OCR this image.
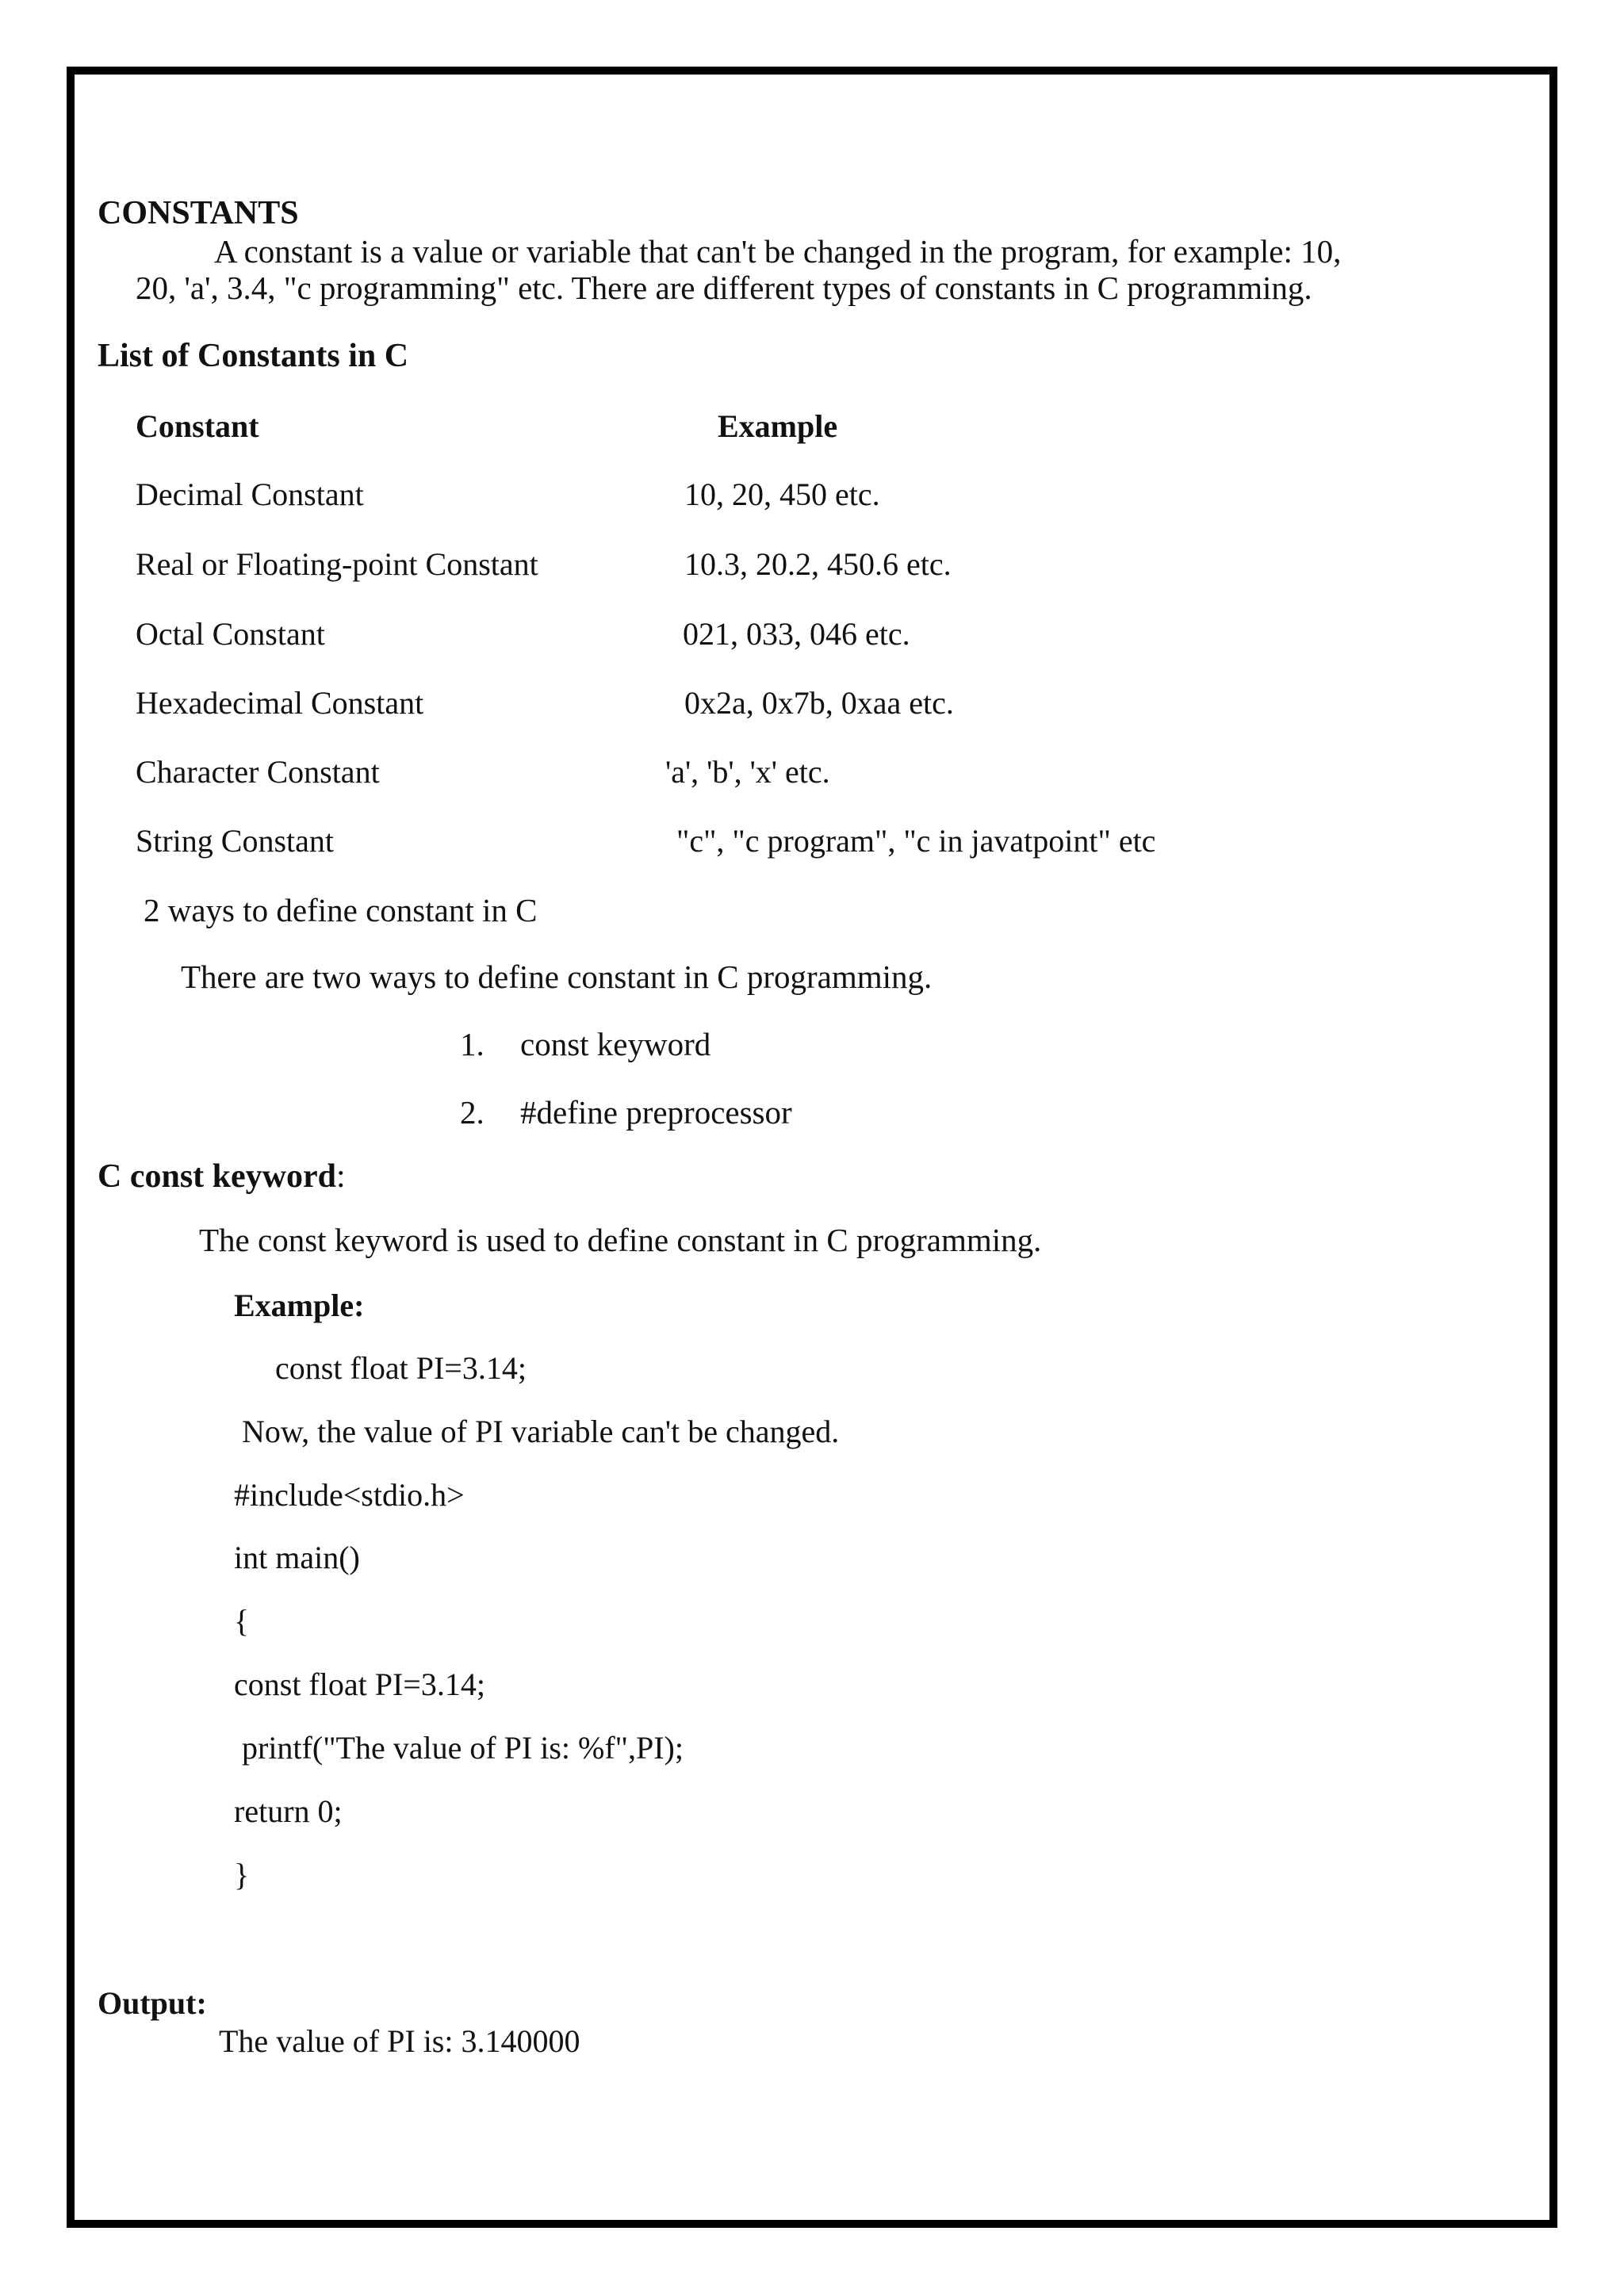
CONSTANTS
A constant is a value or variable that can't be changed in the program, for example: 10,
20, 'a', 3.4, "c programming" etc. There are different types of constants in C programming.
List of Constants in C
Constant	Example
Decimal Constant	10, 20, 450 etc.
Real or Floating-point Constant	10.3, 20.2, 450.6 etc.
Octal Constant	021, 033, 046 etc.
Hexadecimal Constant	0x2a, 0x7b, 0xaa etc.
Character Constant	'a', 'b', 'x' etc.
String Constant	"c", "c program", "c in javatpoint" etc
2 ways to define constant in C
There are two ways to define constant in C programming.
1. const keyword
2. #define preprocessor
C const keyword:
The const keyword is used to define constant in C programming.
Example:
const float PI=3.14;
Now, the value of PI variable can't be changed.
#include<stdio.h>
int main()
{
const float PI=3.14;
printf("The value of PI is: %f",PI);
return 0;
}
Output:
The value of PI is: 3.140000
